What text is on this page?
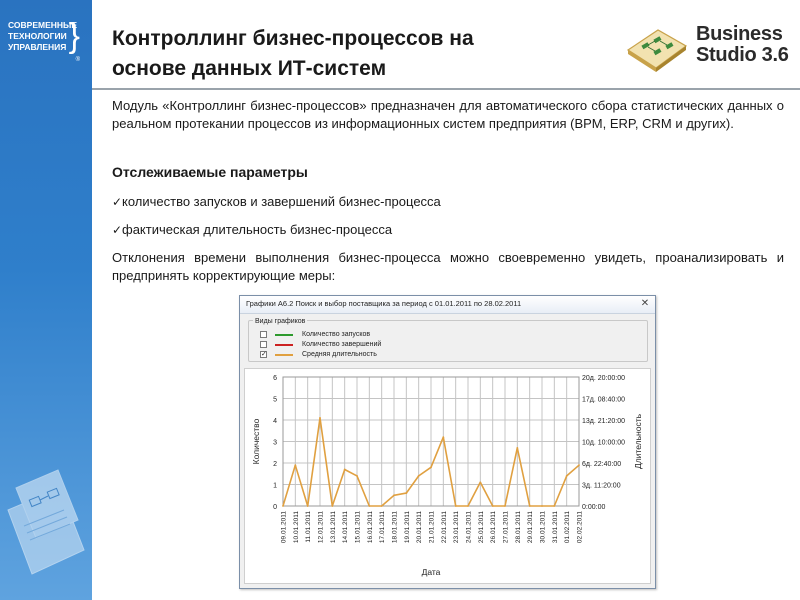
СОВРЕМЕННЫЕ
ТЕХНОЛОГИИ
УПРАВЛЕНИЯ }
®
Контроллинг бизнес-процессов на
основе данных ИТ-систем
Business
Studio 3.6
Модуль «Контроллинг бизнес-процессов» предназначен для автоматического сбора статистических данных о реальном протекании процессов из информационных систем предприятия (BPM, ERP, CRM и других).
Отслеживаемые параметры
✓количество запусков и завершений бизнес-процесса
✓фактическая длительность бизнес-процесса
Отклонения времени выполнения бизнес-процесса можно своевременно увидеть, проанализировать и предпринять корректирующие меры:
Графики А6.2 Поиск и выбор поставщика за период с 01.01.2011 по 28.02.2011	✕
Виды графиков
Количество запусков
Количество завершений
✓	Средняя длительность
0	0:00:00
1	3д. 11:20:00
2	6д. 22:40:00
3	10д. 10:00:00
4	13д. 21:20:00
5	17д. 08:40:00
6	20д. 20:00:00
09.01.2011 10.01.2011 11.01.2011 12.01.2011 13.01.2011 14.01.2011 15.01.2011 16.01.2011 17.01.2011 18.01.2011 19.01.2011 20.01.2011 21.01.2011 22.01.2011 23.01.2011 24.01.2011 25.01.2011 26.01.2011 27.01.2011 28.01.2011 29.01.2011 30.01.2011 31.01.2011 01.02.2011 02.02.2011
Количество	Длительность
Дата
